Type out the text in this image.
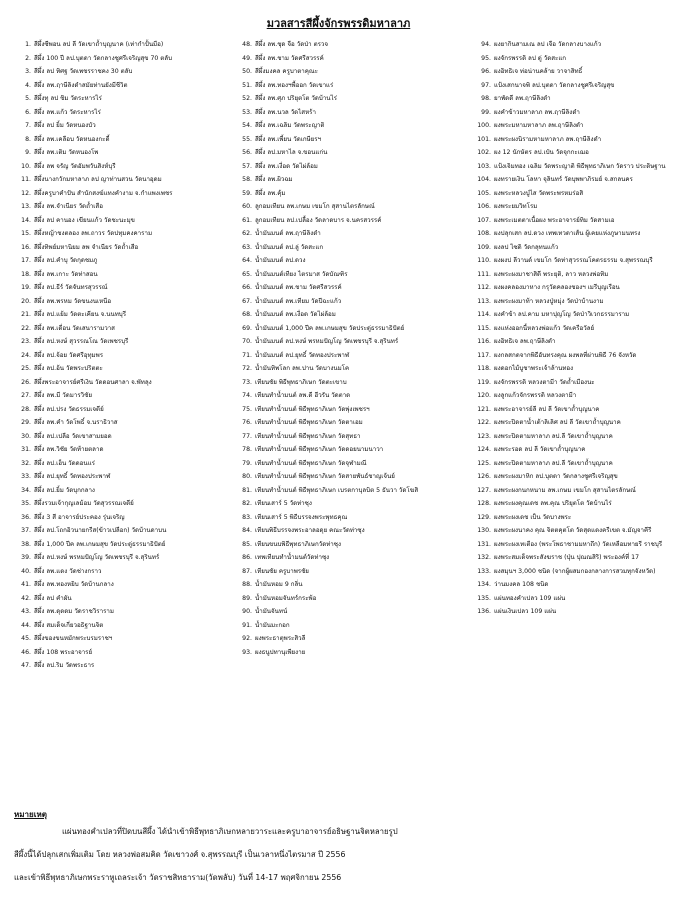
มวลสารสีผึ้งจักรพรรดิมหาลาภ
1. สีผึ้งซีพอน ลป ลี วัดเขาถ้ำบุญนาค (เท่ากำปั้นมือ)
2. สีผึ้ง 100 ปี ลป.บุตดา วัดกลางชูศรีเจริญสุข 70 ตลับ
3. สีผึ้ง ลป ทิศฐ วัดเพชรราชคง 30 ตลับ
4. สีผึ้ง ลพ.ฤาษีลิงดำสมัยท่านยังมีชีวิต
5. สีผึ้งทุ ลป ชิม วัดระหารไร่
6. สีผึ้ง ลพ.แก้ว วัดระหารไร่
7. สีผึ้ง ลป ยิ้ม วัดหนองบัว
8. สีผึ้ง ลพ.เคลือบ วัดหนองกะดี้
9. สีผึ้ง ลพ.เติม วัดหนองโพ
10. สีผึ้ง ลพ จรัญ วัดอัมพวันสิงห์บุรี
11. สีผึ้งนางกวักมหาลาภ ลป ญาท่านสวน วัดนาอุดม
12. สีผึ้งครูบาคำปัน สำนักสงฆ์แทงคำงาม จ.กำแพงเพชร
13. สีผึ้ง ลพ.จำเนียร วัดถ้ำเสือ
14. สีผึ้ง ลป คานอง เขียนแก้ว วัดชะนะมุข
15. สีผึ้งหญ้าชงตลอง ลพ.ถาวร วัดปทุมคงคาราม
16. สีผึ้งทิพย์มหานิยม ลพ จำเนียร วัดถ้ำเสือ
17. สีผึ้ง ลป.คำบุ วัดกุดชมภู
18. สีผึ้ง ลพ.เกาะ วัดท่าสอน
19. สีผึ้ง ลป.ธีร์ วัดจันทรสุวรรณ์
20. สีผึ้ง ลพ.พรหม วัดขนงนเหนือ
21. สีผึ้ง ลป.แย้ม วัดตะเคียน จ.นนทบุรี
22. สีผึ้ง ลพ.เดื่อน วัดเสนารามวาส
23. สีผึ้ง ลป.หงษ์ สุวรรณโณ วัดเพชรบุรี
24. สีผึ้ง ลป.จ้อย วัดศรีอุทุมพร
25. สีผึ้ง ลป.อ้น วัดพระปริตตะ
26. สีผึ้งพระอาจารย์ศรีเงิน วัดดอนศาลา จ.พัทลุง
27. สีผึ้ง ลพ.มี วัดมารวิชัย
28. สีผึ้ง ลป.ปรง วัดธรรมเจดีย์
29. สีผึ้ง ลพ.คำ วัดโพธิ์ จ.นราธิวาส
30. สีผึ้ง ลป.เปลือ วัดเขาสามยอด
31. สีผึ้ง ลพ.วิชัย วัดท้ายตลาด
32. สีผึ้ง ลป.เฮ็น วัดดอนแร่
33. สีผึ้ง ลป.ยุทธิ์ วัดทองประพาฬ
34. สีผึ้ง ลป.ยิ้ม วัดบุกกลาง
35. สีผึ้งรวมเจ้ากุญเลม้อม วัดสุวรรณเจดีย์
36. สีผึ้ง 3 สี อาจารย์ประคอง รุ่นเจริญ
37. สีผึ้ง ลป.โถกอิวนายกรีส(ข้าวเปลือก) วัดบ้านดาบน
38. สีผึ้ง 1,000 ปีค ลพ.เกษมสุข วัดประดู่ธรรมาธิปัตย์
39. สีผึ้ง ลป.หงษ์ พรหมปัญโญ วัดเพชรบุรี จ.สุรินทร์
40. สีผึ้ง ลพ.แดง วัดช่างกราว
41. สีผึ้ง ลพ.ทองหยิบ วัดบ้านกลาง
42. สีผึ้ง ลป คำผัน
43. สีผึ้ง ลพ.ดุดดม วัดราชวิราราม
44. สีผึ้ง สมเด็จเกี่ยวอธิฐานจิต
45. สีผึ้งของขนหมักพระบรมราชฯ
46. สีผึ้ง 108 พระอาจารย์
47. สีผึ้ง ลป.ริม วัดพระธาร
48. สีผึ้ง ลพ.ชุด จือ วัดป่า ตรวจ
49. สีผึ้ง ลพ.ชาม วัดศรีสวรรค์
50. สีผึ้งมงคล ครูบาตาคุณะ
51. สีผึ้ง ลพ.ทองฯพื้ออก วัดเขาแร่
52. สีผึ้ง ลพ.ศุภ ปริยุตโต วัดบ้านไร่
53. สีผึ้ง ลพ.นวล วัดไสหร้า
54. สีผึ้ง ลพ.เฉลิม วัดพระญาติ
55. สีผึ้ง ลพ.เพี้ยน วัดเกษียรฯ
56. สีผึ้ง ลป.มหาไล จ.ขอนแก่น
57. สีผึ้ง ลพ.เงื่อด วัดไผ่ล้อม
58. สีผึ้ง ลพ.ผิวฉม
59. สีผึ้ง ลพ.คุ้ม
60. ลูกอมเทียน ลพ.เกษม เขมโก สุสานไตรลักษณ์
61. ลูกอมเทียน ลป.เปลื้อง วัดลาดบาร จ.นครสวรรค์
62. น้ำมันมนต์ ลพ.ฤาษีลิงดำ
63. น้ำมันมนต์ ลป.ลู่ วัดสะแก
64. น้ำมันมนต์ ลป.ดวง
65. น้ำมันมนต์เทียง ไตรมาส วัดบัณฑิร
66. น้ำมันมนต์ ลพ.ชาม วัดศรีสวรรค์
67. น้ำมันมนต์ ลพ.เทียม วัดปีฉะแก้ว
68. น้ำมันมนต์ ลพ.เงื่อด วัดไผ่ล้อม
69. น้ำมันมนต์ 1,000 ปีค ลพ.เกษมสุข วัดประดู่ธรรมาธิปัตย์
70. น้ำมันมนต์ ลป.หงษ์ พรหมปัญโญ วัดเพชรบุรี จ.สุรินทร์
71. น้ำมันมนต์ ลป.ยุทธิ์ วัดทองประพาฬ
72. น้ำมันทิพโลก ลพ.ปาน วัดบางนมโค
73. เทียนชัย พิธีพุทธาภิเษก วัดตะเขาบ
74. เทียนทำน้ำมนต์ ลพ.ดี ฮีวรัน วัดตาด
75. เทียนทำน้ำมนต์ พิธีพุทธาภิเษก วัดพุ่งเพชรฯ
76. เทียนทำน้ำมนต์ พิธีพุทธาภิเษก วัดตาเอม
77. เทียนทำน้ำมนต์ พิธีพุทธาภิเษก วัดสุทธา
78. เทียนทำน้ำมนต์ พิธีพุทธาภิเษก วัดดอยนามนาวา
79. เทียนทำน้ำมนต์ พิธีพุทธาภิเษก วัดจุฬามณี
80. เทียนทำน้ำมนต์ พิธีพุทธาภิเษก วัดสายพันธ์ชาญเจ้นย์
81. เทียนทำน้ำมนต์ พิธีพุทธาภิเษก เบรตกาบุลบิต 5 ธันวา วัดโฆสิ
82. เทียนเสาร์ 5 วัดท่าซุง
83. เทียนเสาร์ 5 พิธีบรรจงพระพุทธคุณ
84. เทียนพิธีบรรจงพระอาลอดุย คณะวัดท่าซุง
85. เทียนขนบพิธีพุทธาภิเษกวัดท่าซุง
86. เทพเทียนทำน้ำมนต์วัดท่าซุง
87. เทียนชัย ครูบาพรชัย
88. น้ำมันหอม 9 กลิ่น
89. น้ำมันหอมจันทร์กระพ้อ
90. น้ำมันจันทน์
91. น้ำมันมะกอก
92. ผงพระธาตุพระสิวลี
93. ผงธนูปทานุเพียงาย
94. ผงยากินสามเณ ลป เจือ วัดกลางบางแก้ว
95. ผงจักรพรรดิ ลป ดู่ วัดสะแก
96. ผงอิทธิเจ ท่อน่านคล้าย วาจาสิทธิ์
97. แป้งเสกนาจพิ ลป.บุตดา วัดกลางชูศรีเจริญสุข
98. ยาพัดดี ลพ.ฤาษีลิงดำ
99. ผงคำข้าวมหาลาภ ลพ.ฤาษีลิงดำ
100. ผงพระมหามหาลาภ ลพ.ฤาษีลิงดำ
101. ผงพระผงนิรามหามหาลาภ ลพ.ฤาษีลิงดำ
102. ผง 12 นักษัตร ลป.เป๋น วัดจุกกะเฌอ
103. แป้งเจิมทอง เฉลิม วัดพระญาติ พิธีพุทธาภิเษก วัดราว ประดิษฐาน
104. ผงทรายเงิน โลหา จุลินทร์ วัดบุพพาภิรมย์ จ.สกลนคร
105. ผงพระหลวงปู่ไส วัดพระพรหมร่อสิ
106. ผงพระยมวิทโรม
107. ผงพระเมตตาเนื้อผง พระอาจารย์ทิม วัดสามเอ
108. ผงปลุกเสก ลป.ดวง เทพเทวดาเส้น ผู้เคยแห่งภูษามนทรง
109. ผงลป ไซดิ วัดกลุทนแก้ว
110. ผงผงป ลีวานด์ เขมโก วัดท่าสุวรรณโคตรธรรม จ.สุพรรณบุรี
111. ผงพระผงมาชาสิดี พระยุติ, ลาว หลวงพ่อทิม
112. ผงผงคลองมาหาง กรุวัดคลองชองฯ เมรีบุญเรือน
113. ผงพระผงมาท้า หลวงปู่หมุ่ง วัดป่าบ้านงาม
114. ผงคำข้า ลป.คาม มหาปุญโญ วัดป่าวิเวกธรรมาราม
115. ผงแห่งออกนี้หลวงพ่อแก้ว วัดเครือวัลย์
116. ผงอิทธิเจ ลพ.ฤาษีลิงดำ
117. ผงกลสกดจากพิธีอันทรงคุณ ผงพลที่ผ่านพิธี 76 จังหวัด
118. ผงดอกไม้บูชาพระเจ้าล้านทอง
119. ผงจักรพรรดิ หลวงตามีา วัดถ้ำเมืองนะ
120. ผงลูกแก้วจักรพรรดิ หลวงตามีา
121. ผงพระอาจารย์ลี ลป ลี วัดเขาถ้ำบุญนาค
122. ผงพระปิดตาน้ำเต้าลิเลิศ ลป ลี วัดเขาถ้ำบุญนาค
123. ผงพระปิดตามหาลาภ ลป.ลี วัดเขาถ้ำบุญนาค
124. ผงพระรอด ลป ลี วัดเขาถ้ำบุญนาค
125. ผงพระปิดตามหาลาภ ลป.ลี วัดเขาถ้ำบุญนาค
126. ผงพระผงมาหิก ลป.บุตดา วัดกลางชูศรีเจริญสุข
127. ผงพระผงกนกหนาม ลพ.เกษม เขมโก สุสานไตรลักษณ์
128. ผงพระผงคุณเดช ลพ.คุณ ปริยุตโต วัดบ้านไร่
129. ผงพระผงเดช เป็น วัดบางพระ
130. ผงพระผงนาคง คุณ จิตตคุตโต วัดสุดแดงครีเขต จ.มัญจาคีรี
131. ผงพระผงเทเตือง (พระโพธาชามมหาถึก) วัดเหลือมทายรี ราชบุรี
132. ผงพระสมเด็จพระสังฆราช (ปุ่น ปุณณสิริ) พระองค์ที่ 17
133. ผงสมุนฯ 3,000 ชนิด (จากผู้ผสมกองกลางการสวมทุกจังหวัด)
134. ว่านมงคล 108 ชนิด
135. แผ่นทองคำเปลว 109 แผ่น
136. แผ่นเงินเปลว 109 แผ่น
หมายเหตุ
แผ่นทองคำเปลวที่ปิดบนสีผึ้ง ได้นำเข้าพิธีพุทธาภิเษกหลายวาระและครูบาอาจารย์อธิษฐานจิตหลายรูป
สีผึ้งนี้ได้ปลุกเสกเพิ่มเติม โดย หลวงพ่อสมคิด วัดเขาวงศ์ จ.สุพรรณบุรี เป็นเวลาหนึ่งไตรมาส ปี 2556
และเข้าพิธีพุทธาภิเษกพระราหูเถลระเจ้า วัดราชสิทธาราม(วัดพลับ) วันที่ 14-17 พฤศจิกายน 2556
